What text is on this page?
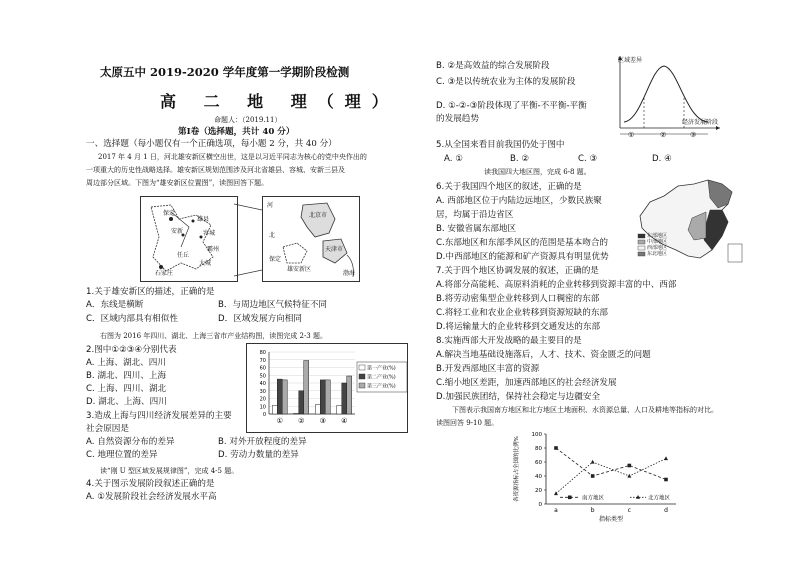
太原五中 2019-2020 学年度第一学期阶段检测
高 二 地 理（理）
命题人：（2019.11）
第Ⅰ卷（选择题，共计 40 分）
一、选择题（每小题仅有一个正确选项，每小题 2 分，共 40 分）
2017 年 4 月 1 日，河北雄安新区横空出世，这是以习近平同志为核心的党中央作出的
一项重大的历史性战略选择。雄安新区规划范围涉及河北省雄县、容城、安新三县及
周边部分区域。下图为“雄安新区位置图”，读图回答下题。
保定
雄县
安新	容城
霸州
大城
任丘
石家庄
河
北京市
北
天津市
保定
雄安新区
渤海
1.关于雄安新区的描述，正确的是
A．东线是横断	B．与周边地区气候特征不同
C．区域内部具有相似性	D．区域发展方向相同
右图为 2016 年四川、湖北、上海三省市产业结构图，读图完成 2-3 题。
2.图中①②③④分别代表
A. 上海、湖北、四川
B. 湖北、四川、上海
C. 上海、四川、湖北
D. 湖北、上海、四川
3.造成上海与四川经济发展差异的主要
社会原因是
A. 自然资源分布的差异	B. 对外开放程度的差异
C. 地理位置的差异	D. 劳动力数量的差异
读“刚 U 型区域发展规律图”，完成 4-5 题。
4.关于图示发展阶段叙述正确的是
A. ①发展阶段社会经济发展水平高
0
10
20
30
40
50
60
70
80
① ② ③ ④
第一产业(%)
第二产业(%)
第三产业(%)
B. ②是高效益的综合发展阶段
C. ③是以传统农业为主体的发展阶段
D. ①-②-③阶段体现了平衡-不平衡-平衡
的发展趋势
区域差异
经济发展阶段
①	②	③
5.从全国来看目前我国仍处于图中
A. ①	B. ②	C. ③	D. ④
读我国四大地区图，完成 6-8 题。
6.关于我国四个地区的叙述，正确的是
A. 西部地区位于内陆边远地区，少数民族聚
居，均属于沿边省区
B. 安徽省属东部地区
C.东部地区和东部季风区的范围是基本吻合的
D.中西部地区的能源和矿产资源具有明显优势
东部地区
中部地区
西部地区
东北地区
7.关于四个地区协调发展的叙述，正确的是
A.将部分高能耗、高原料消耗的企业转移到资源丰富的中、西部
B.将劳动密集型企业转移到人口稠密的东部
C.将轻工业和农业企业转移到资源短缺的东部
D.将运输量大的企业转移到交通发达的东部
8.实施西部大开发战略的最主要目的是
A.解决当地基础设施落后，人才、技术、资金匮乏的问题
B.开发西部地区丰富的资源
C.缩小地区差距，加速西部地区的社会经济发展
D.加强民族团结，保持社会稳定与边疆安全
下图表示我国南方地区和北方地区土地面积、水资源总量、人口及耕地等指标的对比。
读图回答 9-10 题。
0
20
40
60
80
100
a	b	c	d
指标类型
各资源指标占全国的比例%	南方地区	北方地区
